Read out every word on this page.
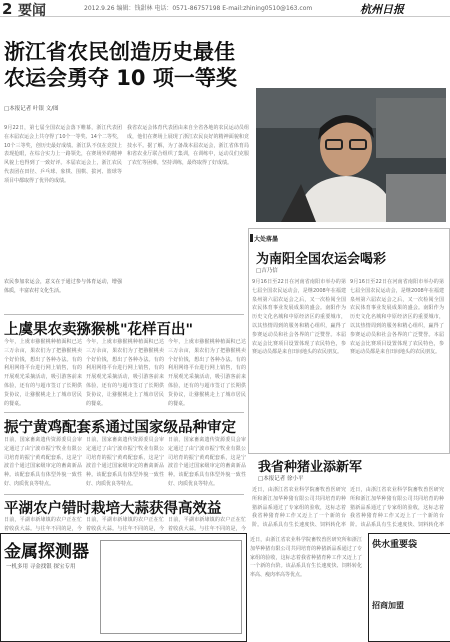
2 要闻	2012.9.26 编辑：钱甜林 电话：0571-86757198 E-mail:zhining0510@163.com	杭州日报
浙江省农民创造历史最佳
农运会勇夺 10 项一等奖
□本报记者 叶银 文/图
9月22日，第七届全国农运会落下帷幕，浙江代表团在本届农运会上共夺得了10个一等奖、14个二等奖，10个三等奖，创历史最好成绩。浙江队不仅在竞技上表现抢眼，在综合实力上一路领先，在赛场外的精神风貌上也得到了一致好评。本届农运会上，浙江农民代表团在田径、乒乓球、象棋、围棋、拔河、篮球等项目中都取得了优异的成绩。
我省农运会体育代表团由来自全省各地的农民运动员组成，他们在赛场上展现了浙江农民良好的精神面貌和竞技水平。据了解，为了备战本届农运会，浙江省体育局和省农业厅联合组织了集训，在训练中，运动员们克服了农忙等困难，坚持训练，最终取得了好成绩。
农民参加农运会，意义在于通过参与体育运动，增强体质，丰富农村文化生活。
大处落墨
为南阳全国农运会喝彩
□吉乃信
9月16日至22日在河南省南阳市举办的第七届全国农民运动会，是继2008年在福建泉州第六届农运会之后，又一次检阅全国农民体育事业发展成果的盛会。南阳作为历史文化名城和中原经济区的重要城市，以其热情周到的服务和精心组织，赢得了参赛运动员和社会各界的广泛赞誉。本届农运会比赛项目设置体现了农民特色，参赛运动员都是来自田间地头的农民朋友。
9月16日至22日在河南省南阳市举办的第七届全国农民运动会，是继2008年在福建泉州第六届农运会之后，又一次检阅全国农民体育事业发展成果的盛会。南阳作为历史文化名城和中原经济区的重要城市，以其热情周到的服务和精心组织，赢得了参赛运动员和社会各界的广泛赞誉。本届农运会比赛项目设置体现了农民特色，参赛运动员都是来自田间地头的农民朋友。
上虞果农卖猕猴桃"花样百出"
今年，上虞市猕猴桃种植面积已达三万余亩，果农们为了把猕猴桃卖个好价钱，想出了各种办法。有的利用网络平台进行网上销售，有的开展观光采摘活动，吸引游客前来体验，还有的与超市签订了长期供货协议，让猕猴桃走上了城市居民的餐桌。
今年，上虞市猕猴桃种植面积已达三万余亩，果农们为了把猕猴桃卖个好价钱，想出了各种办法。有的利用网络平台进行网上销售，有的开展观光采摘活动，吸引游客前来体验，还有的与超市签订了长期供货协议，让猕猴桃走上了城市居民的餐桌。
今年，上虞市猕猴桃种植面积已达三万余亩，果农们为了把猕猴桃卖个好价钱，想出了各种办法。有的利用网络平台进行网上销售，有的开展观光采摘活动，吸引游客前来体验，还有的与超市签订了长期供货协议，让猕猴桃走上了城市居民的餐桌。
我省种猪业添新军
□本报记者 徐小平
近日，由浙江省农业科学院畜牧兽医研究所和浙江加华种猪有限公司共同培育的种猪新品系通过了专家组的验收，这标志着我省种猪育种工作又迈上了一个新的台阶。该品系具有生长速度快、饲料转化率
近日，由浙江省农业科学院畜牧兽医研究所和浙江加华种猪有限公司共同培育的种猪新品系通过了专家组的验收，这标志着我省种猪育种工作又迈上了一个新的台阶。该品系具有生长速度快、饲料转化率
振宁黄鸡配套系通过国家级品种审定
日前，国家畜禽遗传资源委员会审定通过了由宁波市振宁牧业有限公司培育的振宁黄鸡配套系，这是宁波首个通过国家级审定的畜禽新品种。该配套系具有体型外貌一致性好、肉质优良等特点。
日前，国家畜禽遗传资源委员会审定通过了由宁波市振宁牧业有限公司培育的振宁黄鸡配套系，这是宁波首个通过国家级审定的畜禽新品种。该配套系具有体型外貌一致性好、肉质优良等特点。
日前，国家畜禽遗传资源委员会审定通过了由宁波市振宁牧业有限公司培育的振宁黄鸡配套系，这是宁波首个通过国家级审定的畜禽新品种。该配套系具有体型外貌一致性好、肉质优良等特点。
平湖农户错时栽培大蒜获得高效益
日前，平湖市新埭镇的农户正在忙着收获大蒜。与往年不同的是，今
日前，平湖市新埭镇的农户正在忙着收获大蒜。与往年不同的是，今
日前，平湖市新埭镇的农户正在忙着收获大蒜。与往年不同的是，今
金属探测器
一机多用 寻金找银 探宝专用
近日，由浙江省农业科学院畜牧兽医研究所和浙江加华种猪有限公司共同培育的种猪新品系通过了专家组的验收，这标志着我省种猪育种工作又迈上了一个新的台阶。该品系具有生长速度快、饲料转化率高、瘦肉率高等优点。
供水重要袋
招商加盟
